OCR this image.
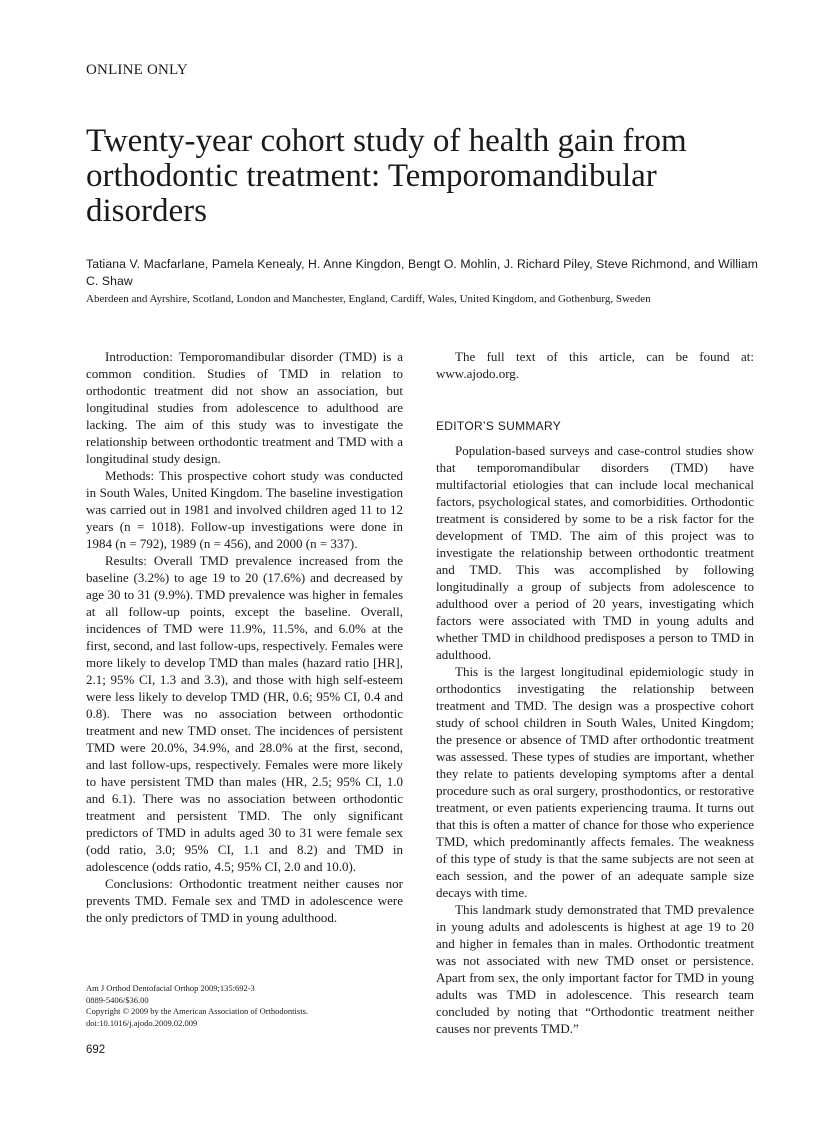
ONLINE ONLY
Twenty-year cohort study of health gain from orthodontic treatment: Temporomandibular disorders
Tatiana V. Macfarlane, Pamela Kenealy, H. Anne Kingdon, Bengt O. Mohlin, J. Richard Piley, Steve Richmond, and William C. Shaw
Aberdeen and Ayrshire, Scotland, London and Manchester, England, Cardiff, Wales, United Kingdom, and Gothenburg, Sweden

Introduction: Temporomandibular disorder (TMD) is a common condition. Studies of TMD in relation to orthodontic treatment did not show an association, but longitudinal studies from adolescence to adulthood are lacking. The aim of this study was to investigate the relationship between orthodontic treatment and TMD with a longitudinal study design.

Methods: This prospective cohort study was conducted in South Wales, United Kingdom. The baseline investigation was carried out in 1981 and involved children aged 11 to 12 years (n = 1018). Follow-up investigations were done in 1984 (n = 792), 1989 (n = 456), and 2000 (n = 337).

Results: Overall TMD prevalence increased from the baseline (3.2%) to age 19 to 20 (17.6%) and decreased by age 30 to 31 (9.9%). TMD prevalence was higher in females at all follow-up points, except the baseline. Overall, incidences of TMD were 11.9%, 11.5%, and 6.0% at the first, second, and last follow-ups, respectively. Females were more likely to develop TMD than males (hazard ratio [HR], 2.1; 95% CI, 1.3 and 3.3), and those with high self-esteem were less likely to develop TMD (HR, 0.6; 95% CI, 0.4 and 0.8). There was no association between orthodontic treatment and new TMD onset. The incidences of persistent TMD were 20.0%, 34.9%, and 28.0% at the first, second, and last follow-ups, respectively. Females were more likely to have persistent TMD than males (HR, 2.5; 95% CI, 1.0 and 6.1). There was no association between orthodontic treatment and persistent TMD. The only significant predictors of TMD in adults aged 30 to 31 were female sex (odd ratio, 3.0; 95% CI, 1.1 and 8.2) and TMD in adolescence (odds ratio, 4.5; 95% CI, 2.0 and 10.0).

Conclusions: Orthodontic treatment neither causes nor prevents TMD. Female sex and TMD in adolescence were the only predictors of TMD in young adulthood.

The full text of this article, can be found at: www.ajodo.org.

EDITOR’S SUMMARY

Population-based surveys and case-control studies show that temporomandibular disorders (TMD) have multifactorial etiologies that can include local mechanical factors, psychological states, and comorbidities. Orthodontic treatment is considered by some to be a risk factor for the development of TMD. The aim of this project was to investigate the relationship between orthodontic treatment and TMD. This was accomplished by following longitudinally a group of subjects from adolescence to adulthood over a period of 20 years, investigating which factors were associated with TMD in young adults and whether TMD in childhood predisposes a person to TMD in adulthood.

This is the largest longitudinal epidemiologic study in orthodontics investigating the relationship between treatment and TMD. The design was a prospective cohort study of school children in South Wales, United Kingdom; the presence or absence of TMD after orthodontic treatment was assessed. These types of studies are important, whether they relate to patients developing symptoms after a dental procedure such as oral surgery, prosthodontics, or restorative treatment, or even patients experiencing trauma. It turns out that this is often a matter of chance for those who experience TMD, which predominantly affects females. The weakness of this type of study is that the same subjects are not seen at each session, and the power of an adequate sample size decays with time.

This landmark study demonstrated that TMD prevalence in young adults and adolescents is highest at age 19 to 20 and higher in females than in males. Orthodontic treatment was not associated with new TMD onset or persistence. Apart from sex, the only important factor for TMD in young adults was TMD in adolescence. This research team concluded by noting that “Orthodontic treatment neither causes nor prevents TMD.”

Am J Orthod Dentofacial Orthop 2009;135:692-3
0889-5406/$36.00
Copyright © 2009 by the American Association of Orthodontists.
doi:10.1016/j.ajodo.2009.02.009
692
